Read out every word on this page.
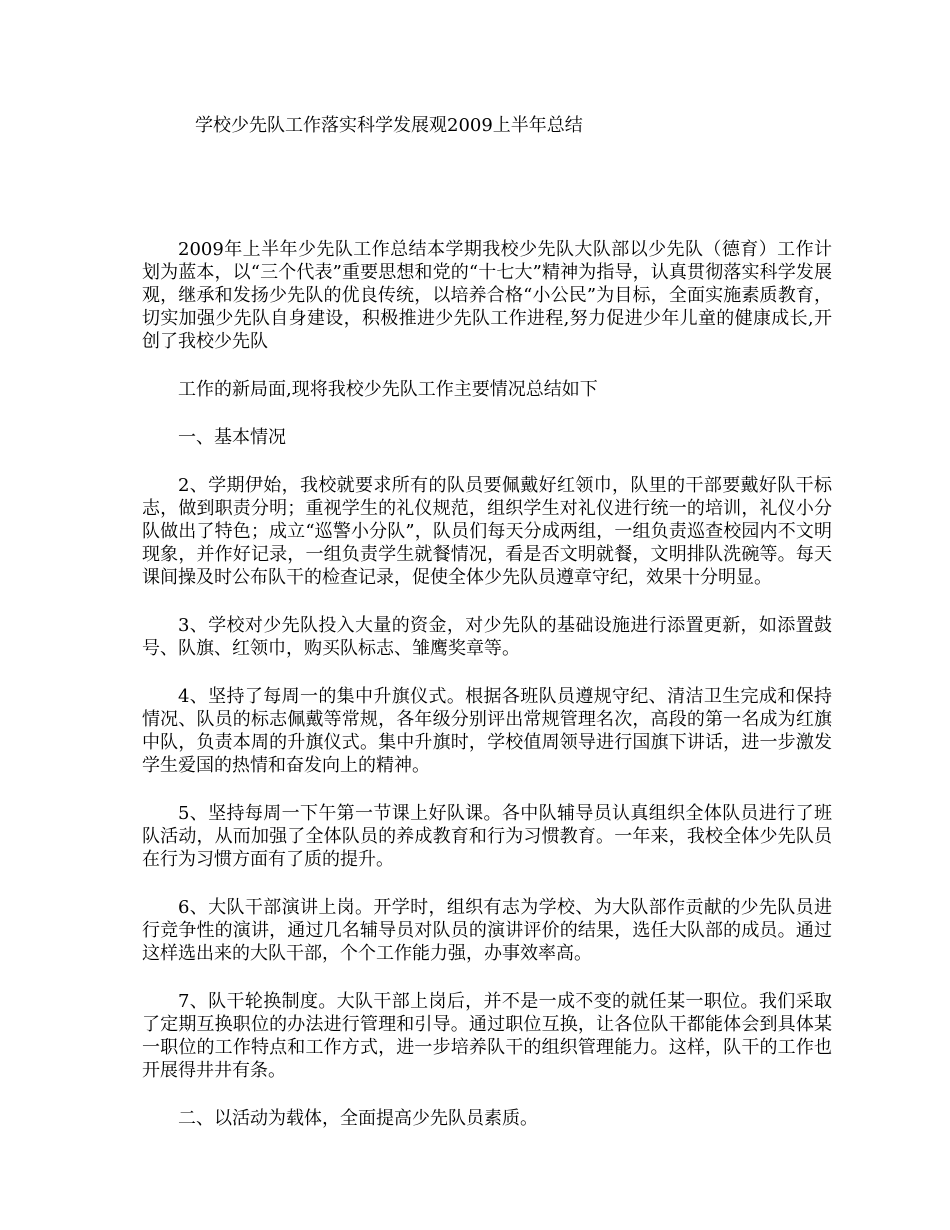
学校少先队工作落实科学发展观2009上半年总结

2009年上半年少先队工作总结本学期我校少先队大队部以少先队（德育）工作计划为蓝本，以“三个代表”重要思想和党的“十七大”精神为指导，认真贯彻落实科学发展观，继承和发扬少先队的优良传统，以培养合格“小公民”为目标，全面实施素质教育，切实加强少先队自身建设，积极推进少先队工作进程,努力促进少年儿童的健康成长,开创了我校少先队

工作的新局面,现将我校少先队工作主要情况总结如下

一、基本情况

2、学期伊始，我校就要求所有的队员要佩戴好红领巾，队里的干部要戴好队干标志，做到职责分明；重视学生的礼仪规范，组织学生对礼仪进行统一的培训，礼仪小分队做出了特色；成立“巡警小分队”，队员们每天分成两组，一组负责巡查校园内不文明现象，并作好记录，一组负责学生就餐情况，看是否文明就餐，文明排队洗碗等。每天课间操及时公布队干的检查记录，促使全体少先队员遵章守纪，效果十分明显。

3、学校对少先队投入大量的资金，对少先队的基础设施进行添置更新，如添置鼓号、队旗、红领巾，购买队标志、雏鹰奖章等。

4、坚持了每周一的集中升旗仪式。根据各班队员遵规守纪、清洁卫生完成和保持情况、队员的标志佩戴等常规，各年级分别评出常规管理名次，高段的第一名成为红旗中队，负责本周的升旗仪式。集中升旗时，学校值周领导进行国旗下讲话，进一步激发学生爱国的热情和奋发向上的精神。

5、坚持每周一下午第一节课上好队课。各中队辅导员认真组织全体队员进行了班队活动，从而加强了全体队员的养成教育和行为习惯教育。一年来，我校全体少先队员在行为习惯方面有了质的提升。

6、大队干部演讲上岗。开学时，组织有志为学校、为大队部作贡献的少先队员进行竞争性的演讲，通过几名辅导员对队员的演讲评价的结果，选任大队部的成员。通过这样选出来的大队干部，个个工作能力强，办事效率高。

7、队干轮换制度。大队干部上岗后，并不是一成不变的就任某一职位。我们采取了定期互换职位的办法进行管理和引导。通过职位互换，让各位队干都能体会到具体某一职位的工作特点和工作方式，进一步培养队干的组织管理能力。这样，队干的工作也开展得井井有条。

二、以活动为载体，全面提高少先队员素质。
